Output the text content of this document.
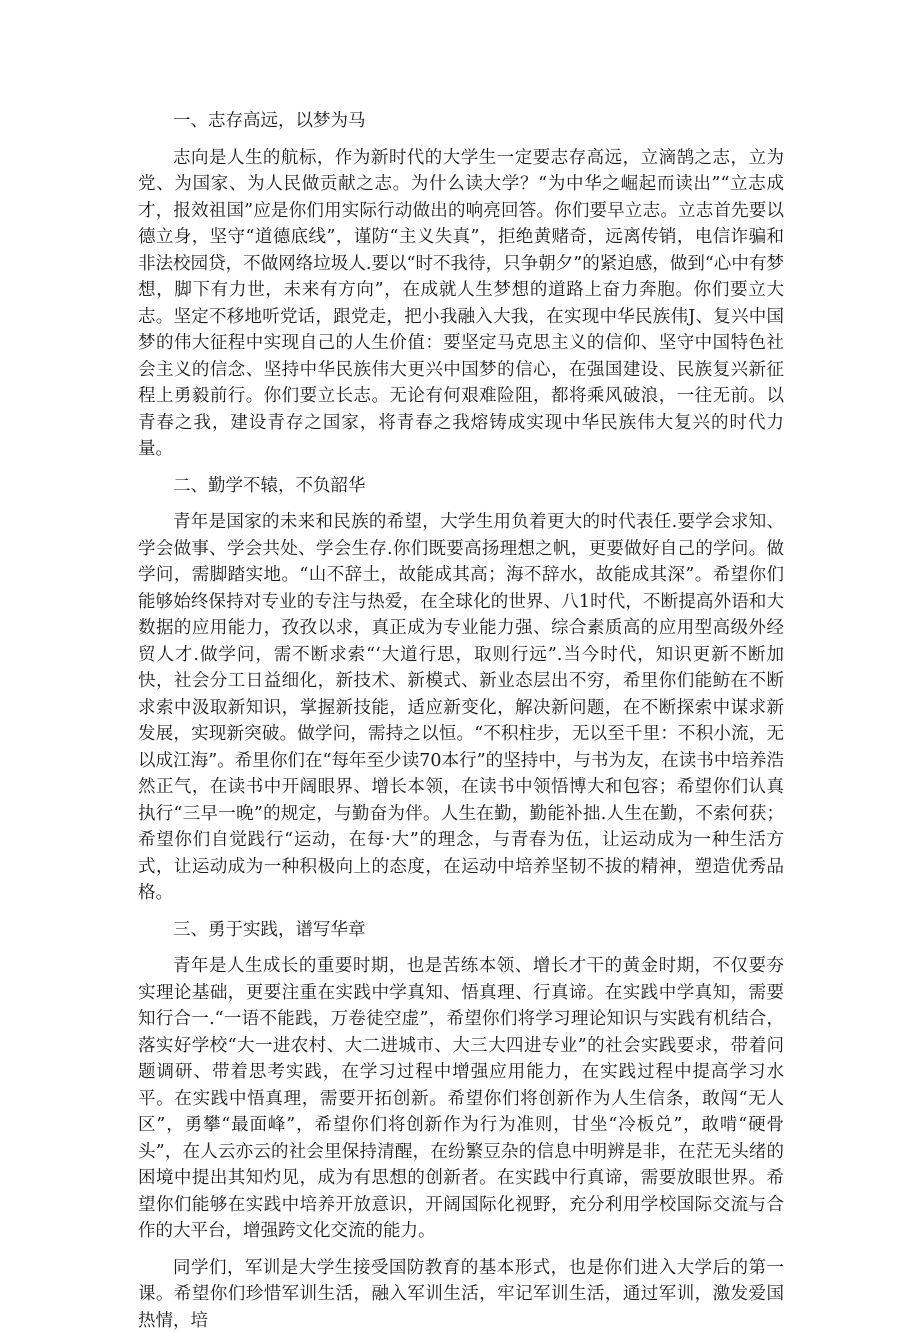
一、志存高远，以梦为马

志向是人生的航标，作为新时代的大学生一定要志存高远，立滴鹄之志，立为党、为国家、为人民做贡献之志。为什么读大学？“为中华之崛起而读出”“立志成才，报效祖国”应是你们用实际行动做出的响亮回答。你们要早立志。立志首先要以德立身，坚守“道德底线”，谨防“主义失真”，拒绝黄赌奇，远离传销，电信诈骗和非法校园贷，不做网络垃圾人.要以“时不我待，只争朝夕”的紧迫感，做到“心中有梦想，脚下有力世，未来有方向”，在成就人生梦想的道路上奋力奔胞。你们要立大志。坚定不移地听党话，跟党走，把小我融入大我，在实现中华民族伟J、复兴中国梦的伟大征程中实现自己的人生价值：要坚定马克思主义的信仰、坚守中国特色社会主义的信念、坚持中华民族伟大更兴中国梦的信心，在强国建设、民族复兴新征程上勇毅前行。你们要立长志。无论有何艰难险阻，都将乘风破浪，一往无前。以青春之我，建设青存之国家，将青春之我熔铸成实现中华民族伟大复兴的时代力量。

二、勤学不辕，不负韶华

青年是国家的未来和民族的希望，大学生用负着更大的时代表任.要学会求知、学会做事、学会共处、学会生存.你们既要高扬理想之帆，更要做好自己的学问。做学问，需脚踏实地。“山不辞土，故能成其高；海不辞水，故能成其深”。希望你们能够始终保持对专业的专注与热爱，在全球化的世界、八1时代，不断提高外语和大数据的应用能力，孜孜以求，真正成为专业能力强、综合素质高的应用型高级外经贸人才.做学问，需不断求索“‘大道行思，取则行远”.当今时代，知识更新不断加快，社会分工日益细化，新技术、新模式、新业态层出不穷，希里你们能鲂在不断求索中汲取新知识，掌握新技能，适应新变化，解决新问题，在不断探索中谋求新发展，实现新突破。做学问，需持之以恒。“不积柱步，无以至千里：不积小流，无以成江海”。希里你们在“每年至少读70本行”的坚持中，与书为友，在读书中培养浩然正气，在读书中开阔眼界、增长本领，在读书中领悟博大和包容；希望你们认真执行“三早一晚”的规定，与勤奋为伴。人生在勤，勤能补拙.人生在勤，不索何获；希望你们自觉践行“运动，在每·大”的理念，与青春为伍，让运动成为一种生活方式，让运动成为一种积极向上的态度，在运动中培养坚韧不拔的精神，塑造优秀品格。

三、勇于实践，谱写华章

青年是人生成长的重要时期，也是苦练本领、增长才干的黄金时期，不仅要夯实理论基础，更要注重在实践中学真知、悟真理、行真谛。在实践中学真知，需要知行合一.“一语不能践，万卷徒空虚”，希望你们将学习理论知识与实践有机结合，落实好学校“大一进农村、大二进城市、大三大四进专业”的社会实践要求，带着问题调研、带着思考实践，在学习过程中增强应用能力，在实践过程中提高学习水平。在实践中悟真理，需要开拓创新。希望你们将创新作为人生信条，敢闯“无人区”，勇攀“最面峰”，希望你们将创新作为行为准则，甘坐“冷板兑”，敢啃“硬骨头”，在人云亦云的社会里保持清醒，在纷繁豆杂的信息中明辨是非，在茫无头绪的困境中提出其知灼见，成为有思想的创新者。在实践中行真谛，需要放眼世界。希望你们能够在实践中培养开放意识，开阔国际化视野，充分利用学校国际交流与合作的大平台，增强跨文化交流的能力。

同学们，军训是大学生接受国防教育的基本形式，也是你们进入大学后的第一课。希望你们珍惜军训生活，融入军训生活，牢记军训生活，通过军训，激发爱国热情，培
